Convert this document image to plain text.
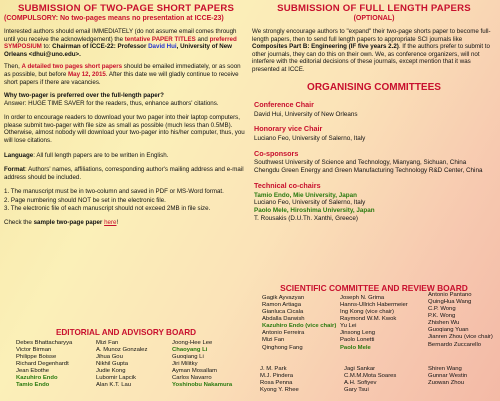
SUBMISSION OF TWO-PAGE SHORT PAPERS
(COMPULSORY: No two-pages means no presentation at ICCE-23)

Interested authors should email IMMEDIATELY (do not assume email comes through until you receive the acknowledgement) the tentative PAPER TITLES and preferred SYMPOSIUM to: Chairman of ICCE-22: Professor David Hui, University of New Orleans <dhui@uno.edu>.

Then, A detailed two pages short papers should be emailed immediately, or as soon as possible, but before May 12, 2015. After this date we will gladly continue to receive short papers if there are vacancies.

Why two-pager is preferred over the full-length paper?
Answer: HUGE TIME SAVER for the readers, thus, enhance authors' citations.

In order to encourage readers to download your two pager into their laptop computers, please submit two-pager with file size as small as possible (much less than 0.5MB). Otherwise, almost nobody will download your two-pager into his/her computer, thus, you will lose citations.

Language: All full length papers are to be written in English.

Format: Authors' names, affiliations, corresponding author's mailing address and e-mail address should be included.

1. The manuscript must be in two-column and saved in PDF or MS-Word format.

2. Page numbering should NOT be set in the electronic file.

3. The electronic file of each manuscript should not exceed 2MB in file size.

Check the sample two-page paper here!

EDITORIAL AND ADVISORY BOARD
Debes Bhattacharyya
Victor Birman
Philippe Boisse
Richard Degenhardt
Jean Ebothe
Kazuhiro Endo
Tamio Endo
Mizi Fan
A. Munoz Gonzalez
Jihua Gou
Nikhil Gupta
Judie Kong
Lubomir Lapcik
Alan K.T. Lau
Joong-Hee Lee
Chaoyang Li
Guoqiang Li
Jiri Militky
Ayman Mosallam
Carlos Navarro
Yoshinobu Nakamura
SUBMISSION OF FULL LENGTH PAPERS
(OPTIONAL)

We strongly encourage authors to "expand" their two-page shorts paper to become full-length papers, then to send full length papers to appropriate SCI journals like Composites Part B: Engineering (IF five years 2.2). If the authors prefer to submit to other journals, they can do this on their own. We, as conference organizers, will not interfere with the editorial decisions of these journals, except mention that it was presented at ICCE.

ORGANISING COMMITTEES
Conference Chair
David Hui, University of New Orleans
Honorary vice Chair
Luciano Feo, University of Salerno, Italy
Co-sponsors
Southwest University of Science and Technology, Mianyang, Sichuan, China
Chengdu Green Energy and Green Manufacturing Technology R&D Center, China
Technical co-chairs
Tamio Endo, Mie University, Japan
Luciano Feo, University of Salerno, Italy
Paolo Mele, Hiroshima University, Japan
T. Rousakis (D.U.Th. Xanthi, Greece)
SCIENTIFIC COMMITTEE AND REVIEW BOARD
Gagik Ayvazyan
Ramon Artiaga
Gianluca Cicala
Abdalla Darwish
Kazuhiro Endo (vice chair)
Antonio Ferreira
Mizi Fan
Qinghong Fang
Joseph N. Grima
Hanns-Ullrich Habermeier
Ing Kong (vice chair)
Raymond W.M. Kwok
Yu Lei
Jinsong Leng
Paolo Lonetti
Paolo Mele
Antonio Pantano
QuingHua Wang
C.P. Wong
P.K. Wong
Zhishen Wu
Guoqiang Yuan
Jianren Zhou (vice chair)
Bernardo Zuccarello
J. M. Park
M.J. Pindera
Rosa Penna
Kyong Y. Rhee
Jagi Sankar
C.M.M.Mota Soares
A.H. Sofiyev
Gary Tsui
Shiren Wang
Gunnar Westin
Zuowan Zhou
